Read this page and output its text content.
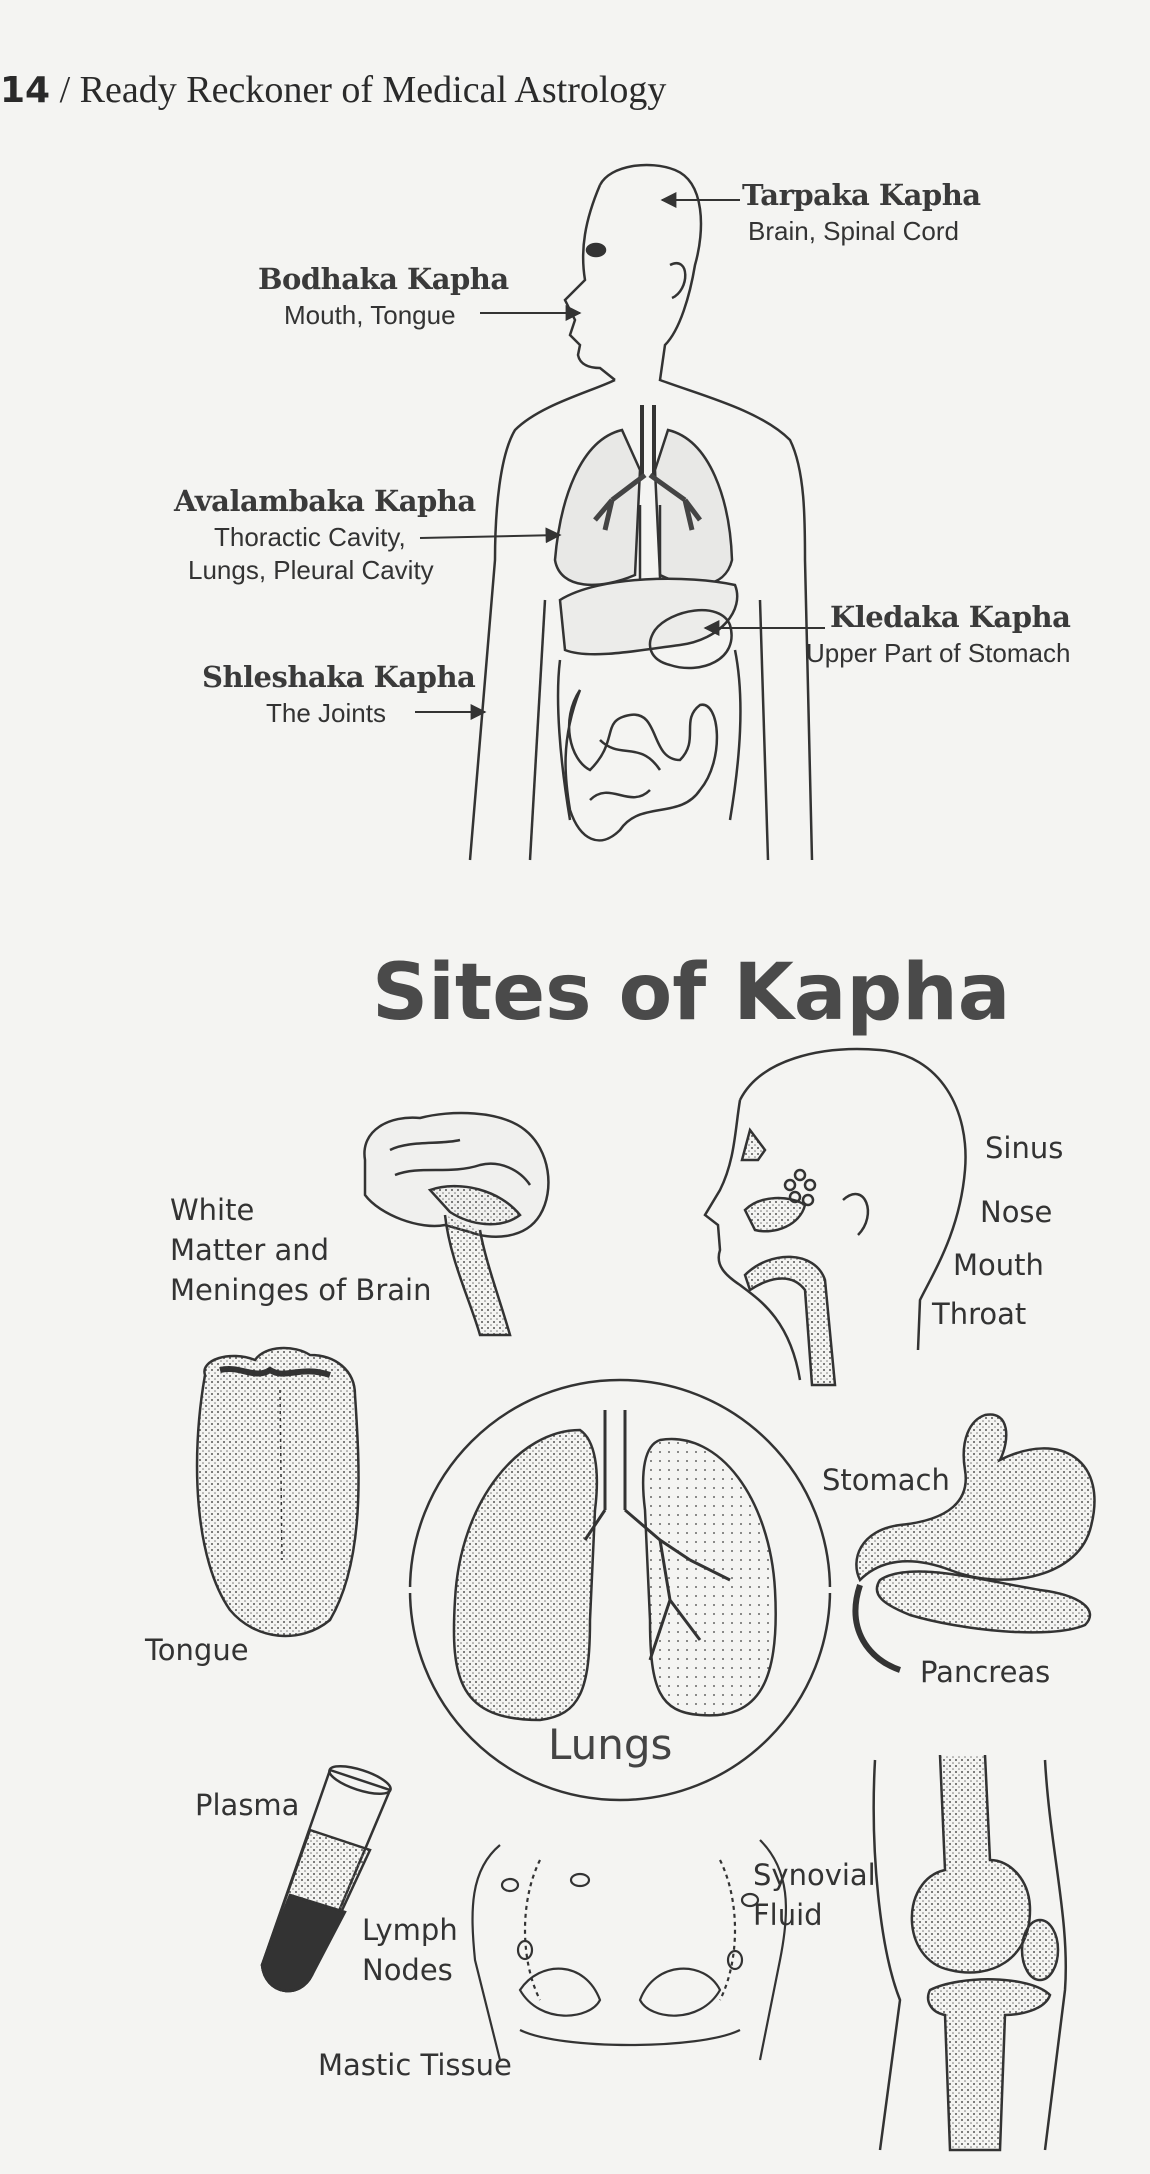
14 / Ready Reckoner of Medical Astrology
Tarpaka Kapha
Brain, Spinal Cord
Bodhaka Kapha
Mouth, Tongue
Avalambaka Kapha
Thoractic Cavity,
Lungs, Pleural Cavity
Kledaka Kapha
Upper Part of Stomach
Shleshaka Kapha
The Joints
Sites of Kapha
White
Matter and
Meninges of Brain
Sinus
Nose
Mouth
Throat
Tongue
Lungs
Stomach
Pancreas
Plasma
Lymph
Nodes
Mastic Tissue
Synovial
Fluid
